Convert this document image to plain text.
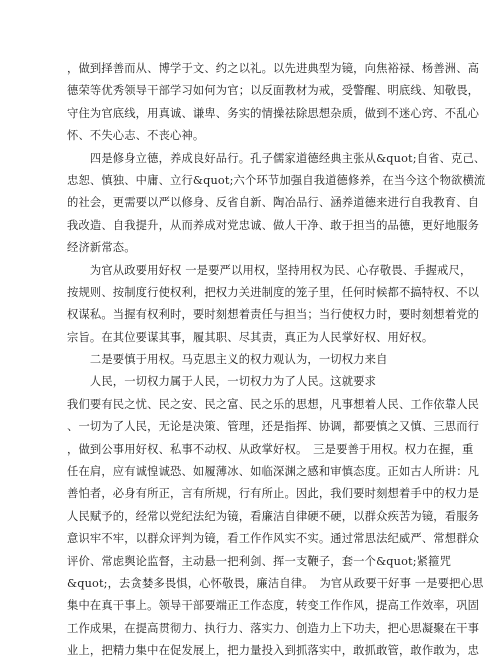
，做到择善而从、博学于文、约之以礼。以先进典型为镜，向焦裕禄、杨善洲、高
德荣等优秀领导干部学习如何为官；以反面教材为戒，受警醒、明底线、知敬畏，
守住为官底线，用真诚、谦卑、务实的情操祛除思想杂质，做到不迷心窍、不乱心
怀、不失心志、不丧心神。
　　四是修身立德，养成良好品行。孔子儒家道德经典主张从&quot;自省、克己、
忠恕、慎独、中庸、立行&quot;六个环节加强自我道德修养，在当今这个物欲横流
的社会，更需要以严以修身、反省自新、陶冶品行、涵养道德来进行自我教育、自
我改造、自我提升，从而养成对党忠诚、做人干净、敢于担当的品德，更好地服务
经济新常态。
　　为官从政要用好权 一是要严以用权，坚持用权为民、心存敬畏、手握戒尺，
按规则、按制度行使权利，把权力关进制度的笼子里，任何时候都不搞特权、不以
权谋私。当握有权利时，要时刻想着责任与担当；当行使权力时，要时刻想着党的
宗旨。在其位要谋其事，履其职、尽其责，真正为人民掌好权、用好权。
　　二是要慎于用权。马克思主义的权力观认为，一切权力来自
　　人民，一切权力属于人民，一切权力为了人民。这就要求
我们要有民之忧、民之安、民之富、民之乐的思想，凡事想着人民、工作依靠人民
、一切为了人民，无论是决策、管理，还是指挥、协调，都要慎之又慎、三思而行
，做到公事用好权、私事不动权、从政掌好权。　三是要善于用权。权力在握，重
任在肩，应有诚惶诚恐、如履薄冰、如临深渊之感和审慎态度。正如古人所讲：凡
善怕者，必身有所正，言有所规，行有所止。因此，我们要时刻想着手中的权力是
人民赋予的，经常以党纪法纪为镜，看廉洁自律硬不硬，以群众疾苦为镜，看服务
意识牢不牢，以群众评判为镜，看工作作风实不实。通过常思法纪威严、常想群众
评价、常虑舆论监督，主动悬一把利剑、挥一支鞭子，套一个&quot;紧箍咒
&quot;，去贪婪多畏惧，心怀敬畏，廉洁自律。　为官从政要干好事 一是要把心思
集中在真干事上。领导干部要端正工作态度，转变工作作风，提高工作效率，巩固
工作成果，在提高贯彻力、执行力、落实力、创造力上下功夫，把心思凝聚在干事
业上，把精力集中在促发展上，把力量投入到抓落实中，敢抓敢管，敢作敢为，忠
